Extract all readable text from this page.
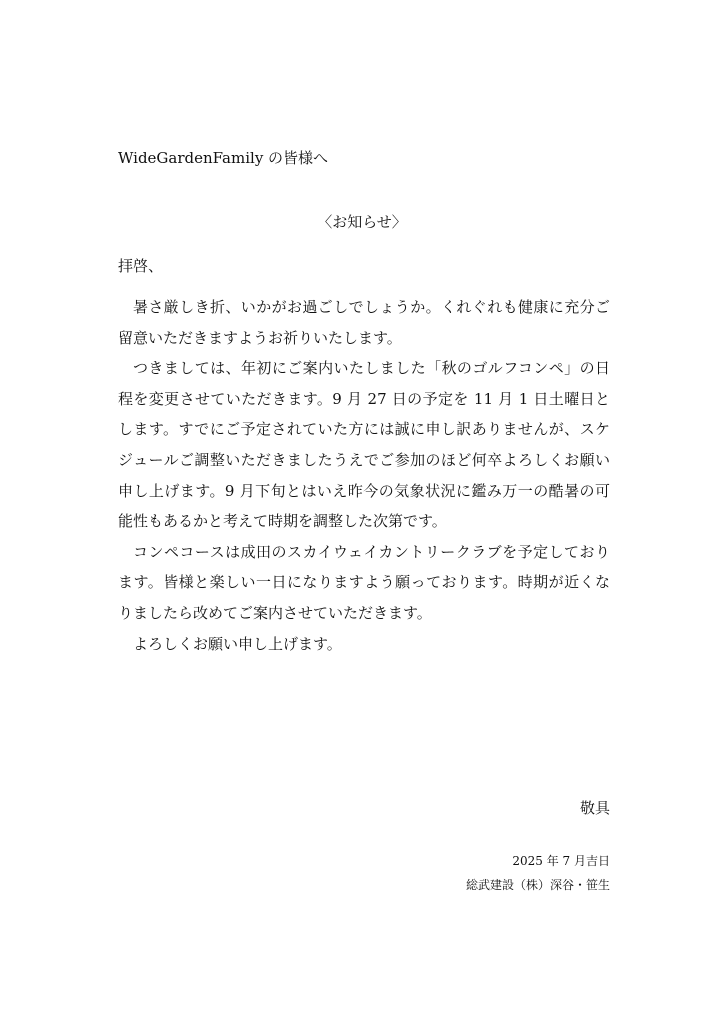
WideGardenFamily の皆様へ
〈お知らせ〉
拝啓、

暑さ厳しき折、いかがお過ごしでしょうか。くれぐれも健康に充分ご留意いただきますようお祈りいたします。

つきましては、年初にご案内いたしました「秋のゴルフコンペ」の日程を変更させていただきます。9 月 27 日の予定を 11 月 1 日土曜日とします。すでにご予定されていた方には誠に申し訳ありませんが、スケジュールご調整いただきましたうえでご参加のほど何卒よろしくお願い申し上げます。9 月下旬とはいえ昨今の気象状況に鑑み万一の酷暑の可能性もあるかと考えて時期を調整した次第です。

コンペコースは成田のスカイウェイカントリークラブを予定しております。皆様と楽しい一日になりますよう願っております。時期が近くなりましたら改めてご案内させていただきます。

よろしくお願い申し上げます。

敬具
2025 年 7 月吉日
総武建設（株）深谷・笹生
